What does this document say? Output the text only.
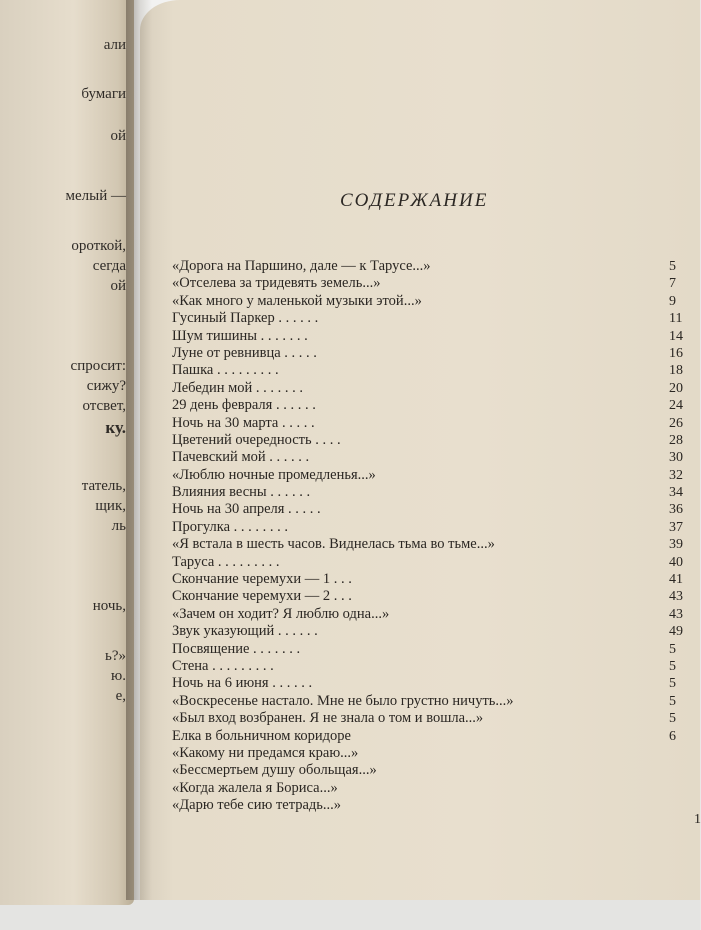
али
бумаги
ой
мелый —
ороткой,
сегда
ой
спросит:
сижу?
отсвет,
ку.
татель,
щик,
ль
ночь,
ь?»
ю.
е,
СОДЕРЖАНИЕ
«Дорога на Паршино, дале — к Тарусе...»	5
«Отселева за тридевять земель...»	7
«Как много у маленькой музыки этой...»	9
Гусиный Паркер . . . . . .	11
Шум тишины . . . . . . .	14
Луне от ревнивца . . . . .	16
Пашка . . . . . . . . .	18
Лебедин мой . . . . . . .	20
29 день февраля . . . . . .	24
Ночь на 30 марта . . . . .	26
Цветений очередность . . . .	28
Пачевский мой . . . . . .	30
«Люблю ночные промедленья...»	32
Влияния весны . . . . . .	34
Ночь на 30 апреля . . . . .	36
Прогулка . . . . . . . .	37
«Я встала в шесть часов. Виднелась тьма во тьме...»	39
Таруса . . . . . . . . .	40
Скончание черемухи — 1 . . .	41
Скончание черемухи — 2 . . .	43
«Зачем он ходит? Я люблю одна...»	43
Звук указующий . . . . . .	49
Посвящение . . . . . . .	5
Стена . . . . . . . . .	5
Ночь на 6 июня . . . . . .	5
«Воскресенье настало. Мне не было грустно ничуть...»	5
«Был вход возбранен. Я не знала о том и вошла...»	5
Елка в больничном коридоре	6
«Какому ни предамся краю...»
«Бессмертьем душу обольщая...»
«Когда жалела я Бориса...»
«Дарю тебе сию тетрадь...»
1
